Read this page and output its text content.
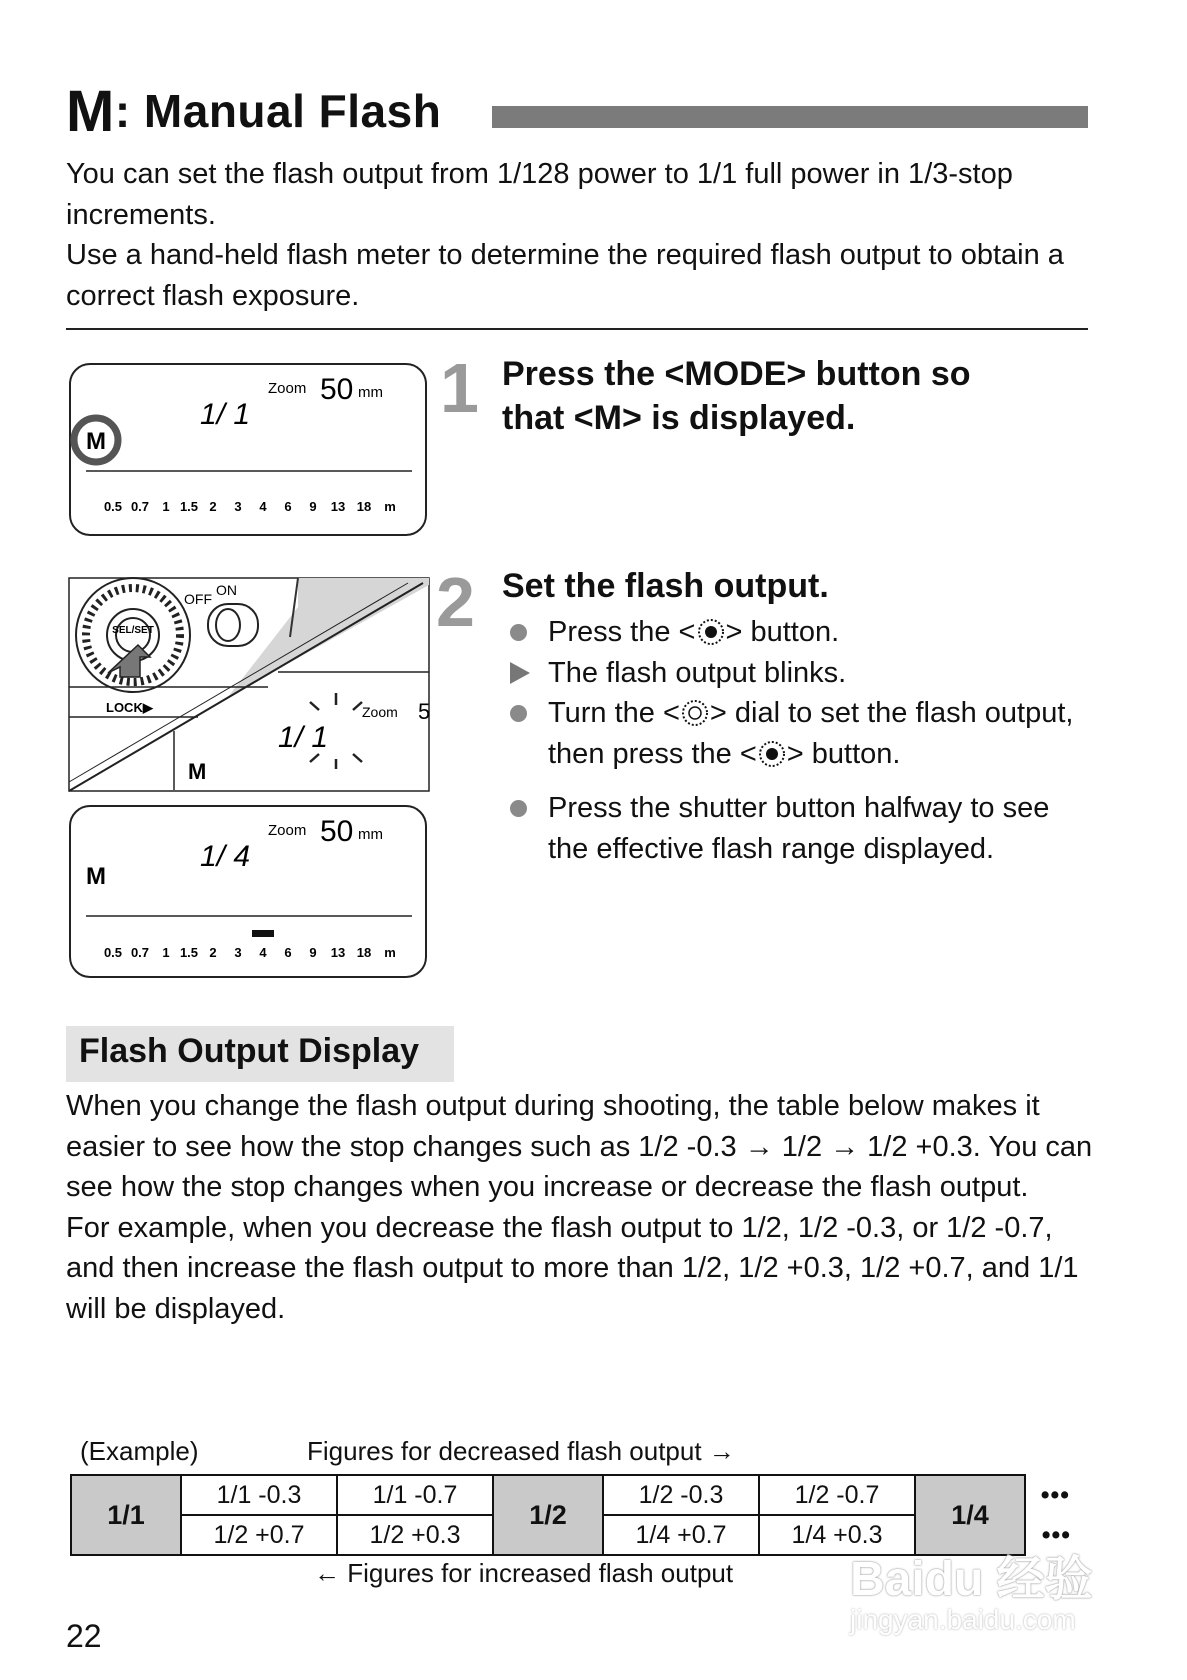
M: Manual Flash
You can set the flash output from 1/128 power to 1/1 full power in 1/3-stop increments.
Use a hand-held flash meter to determine the required flash output to obtain a correct flash exposure.
Zoom 50 mm
1/ 1
M
0.5 0.7 1 1.5 2 3 4 6 9 13 18 m
1 Press the <MODE> button so
that <M> is displayed.
SEL/SET
OFF
ON
LOCK▶
M
Zoom 5
1/ 1
2 Set the flash output.
Press the < > button.
The flash output blinks.
Turn the < > dial to set the flash output, then press the < > button.
Press the shutter button halfway to see the effective flash range displayed.
Zoom 50 mm
1/ 4
M
0.5 0.7 1 1.5 2 3 4 6 9 13 18 m
Flash Output Display
When you change the flash output during shooting, the table below makes it easier to see how the stop changes such as 1/2 -0.3 → 1/2 → 1/2 +0.3. You can see how the stop changes when you increase or decrease the flash output.
For example, when you decrease the flash output to 1/2, 1/2 -0.3, or 1/2 -0.7, and then increase the flash output to more than 1/2, 1/2 +0.3, 1/2 +0.7, and 1/1 will be displayed.
(Example)	Figures for decreased flash output →
1/1	1/1 -0.3	1/1 -0.7	1/2	1/2 -0.3	1/2 -0.7	1/4	•••
	1/2 +0.7	1/2 +0.3		1/4 +0.7	1/4 +0.3		•••
← Figures for increased flash output
22
Baidu 经验
jingyan.baidu.com
